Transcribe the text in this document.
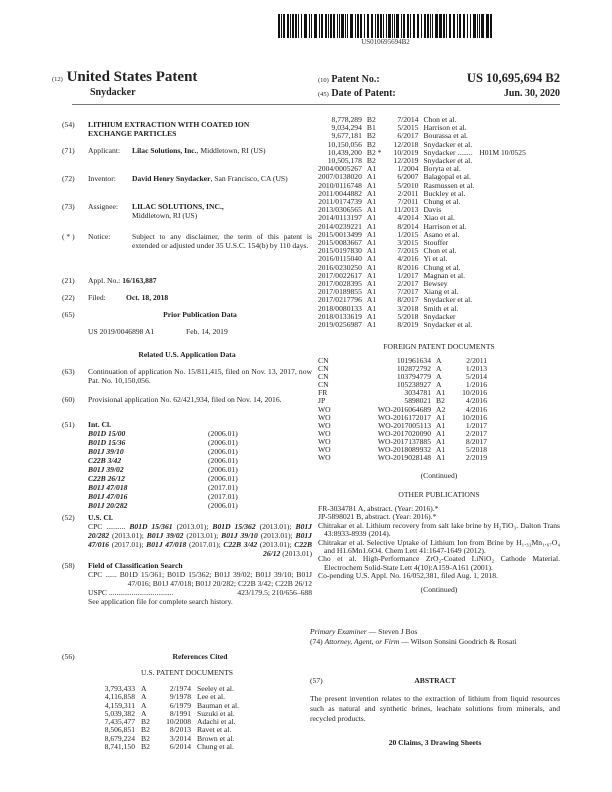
US010695694B2
(12) United States Patent
Snydacker
(10) Patent No.:	US 10,695,694 B2
(45) Date of Patent:	Jun. 30, 2020
(54)	LITHIUM EXTRACTION WITH COATED ION EXCHANGE PARTICLES
(71)	Applicant:	Lilac Solutions, Inc., Middletown, RI (US)
(72)	Inventor:	David Henry Snydacker, San Francisco, CA (US)
(73)	Assignee:	LILAC SOLUTIONS, INC.,
Middletown, RI (US)
( * )	Notice:	Subject to any disclaimer, the term of this patent is extended or adjusted under 35 U.S.C. 154(b) by 110 days.
(21)	Appl. No.:
16/163,887
(22)	Filed:	Oct. 18, 2018
(65)	Prior Publication Data
US 2019/0046898 A1	Feb. 14, 2019
Related U.S. Application Data
(63)	Continuation of application No. 15/811,415, filed on Nov. 13, 2017, now Pat. No. 10,150,056.
(60)	Provisional application No. 62/421,934, filed on Nov. 14, 2016.
(51)	Int. Cl.
B01D 15/00	(2006.01)
B01D 15/36	(2006.01)
B01J 39/10	(2006.01)
C22B 3/42	(2006.01)
B01J 39/02	(2006.01)
C22B 26/12	(2006.01)
B01J 47/018	(2017.01)
B01J 47/016	(2017.01)
B01J 20/282	(2006.01)
(52)	U.S. Cl.
CPC .......... B01D 15/361 (2013.01); B01D 15/362 (2013.01); B01J 20/282 (2013.01); B01J 39/02 (2013.01); B01J 39/10 (2013.01); B01J 47/016 (2017.01); B01J 47/018 (2017.01); C22B 3/42 (2013.01); C22B 26/12 (2013.01)
(58)	Field of Classification Search
CPC ...... B01D 15/361; B01D 15/362; B01J 39/02; B01J 39/10; B01J 47/016; B01J 47/018; B01J 20/282; C22B 3/42; C22B 26/12
USPC ..................................	423/179.5; 210/656–688
See application file for complete search history.
(56)	References Cited
U.S. PATENT DOCUMENTS
3,793,433 A	2/1974 Seeley et al.
4,116,858 A	9/1978 Lee et al.
4,159,311 A	6/1979 Bauman et al.
5,039,382 A	8/1991 Suzuki et al.
7,435,477 B2	10/2008 Adachi et al.
8,506,851 B2	8/2013 Ravet et al.
8,679,224 B2	3/2014 Brown et al.
8,741,150 B2	6/2014 Chung et al.
8,778,289 B2	7/2014 Chon et al.
9,034,294 B1	5/2015 Harrison et al.
9,677,181 B2	6/2017 Bourassa et al.
10,150,056 B2	12/2018 Snydacker et al.
10,439,200 B2 *	10/2019 Snydacker ........ H01M 10/0525
10,505,178 B2	12/2019 Snydacker et al.
2004/0005267 A1	1/2004 Boryta et al.
2007/0138020 A1	6/2007 Balagopal et al.
2010/0116748 A1	5/2010 Rasmussen et al.
2011/0044882 A1	2/2011 Buckley et al.
2011/0174739 A1	7/2011 Chung et al.
2013/0306565 A1	11/2013 Davis
2014/0113197 A1	4/2014 Xiao et al.
2014/0239221 A1	8/2014 Harrison et al.
2015/0013499 A1	1/2015 Asano et al.
2015/0083667 A1	3/2015 Stouffer
2015/0197830 A1	7/2015 Chon et al.
2016/0115040 A1	4/2016 Yi et al.
2016/0230250 A1	8/2016 Chung et al.
2017/0022617 A1	1/2017 Magnan et al.
2017/0028395 A1	2/2017 Bewsey
2017/0189855 A1	7/2017 Xiang et al.
2017/0217796 A1	8/2017 Snydacker et al.
2018/0080133 A1	3/2018 Smith et al.
2018/0133619 A1	5/2018 Snydacker
2019/0256987 A1	8/2019 Snydacker et al.
FOREIGN PATENT DOCUMENTS
CN	101961634 A	2/2011
CN	102872792 A	1/2013
CN	103794779 A	5/2014
CN	105238927 A	1/2016
FR	3034781 A1	10/2016
JP	5898021 B2	4/2016
WO	WO-2016064689 A2	4/2016
WO	WO-2016172017 A1	10/2016
WO	WO-2017005113 A1	1/2017
WO	WO-2017020090 A1	2/2017
WO	WO-2017137885 A1	8/2017
WO	WO-2018089932 A1	5/2018
WO	WO-2019028148 A1	2/2019
(Continued)
OTHER PUBLICATIONS

FR-3034781 A, abstract. (Year: 2016).*

JP-5898021 B, abstract. (Year: 2016).*

Chitrakar et al. Lithium recovery from salt lake brine by H₂TiO₃. Dalton Trans 43:8933-8939 (2014).

Chitrakar et al. Selective Uptake of Lithium Ion from Brine by H₁.₃₃Mn₁.₆₇O₄ and H1.6Mn1.6O4. Chem Lett 41:1647-1649 (2012).

Cho et al. High-Performance ZrO₂-Coated LiNiO₂ Cathode Material. Electrochem Solid-State Lett 4(10):A159-A161 (2001).

Co-pending U.S. Appl. No. 16/052,381, filed Aug. 1, 2018.

(Continued)
Primary Examiner — Steven J Bos
(74) Attorney, Agent, or Firm — Wilson Sonsini Goodrich & Rosati
(57)	ABSTRACT
The present invention relates to the extraction of lithium from liquid resources such as natural and synthetic brines, leachate solutions from minerals, and recycled products.
20 Claims, 3 Drawing Sheets
